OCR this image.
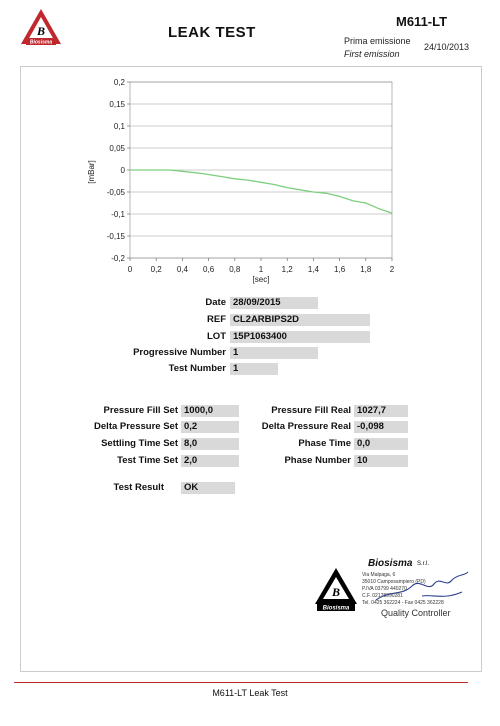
B
Biosisma
LEAK TEST
M611-LT
Prima emissione
First emission
24/10/2013
0,2
0,15
0,1
0,05
0
-0,05
-0,1
-0,15
-0,2
0 0,2 0,4 0,6 0,8 1 1,2 1,4 1,6 1,8 2
[mBar]
[sec]
Date 28/09/2015
REF CL2ARBIPS2D
LOT 15P1063400
Progressive Number 1
Test Number 1
Pressure Fill Set 1000,0
Delta Pressure Set 0,2
Settling Time Set 8,0
Test Time Set 2,0
Pressure Fill Real 1027,7
Delta Pressure Real -0,098
Phase Time 0,0
Phase Number 10
Test Result	OK
B
Biosisma
Biosisma S.r.l.
Via Malpaga, 6
35010 Camposampiero (PD)
P.IVA 03799 440270
C.F. 02178990281
Tel. 0425 362224 - Fax 0425 362228
Quality Controller
M611-LT Leak Test
